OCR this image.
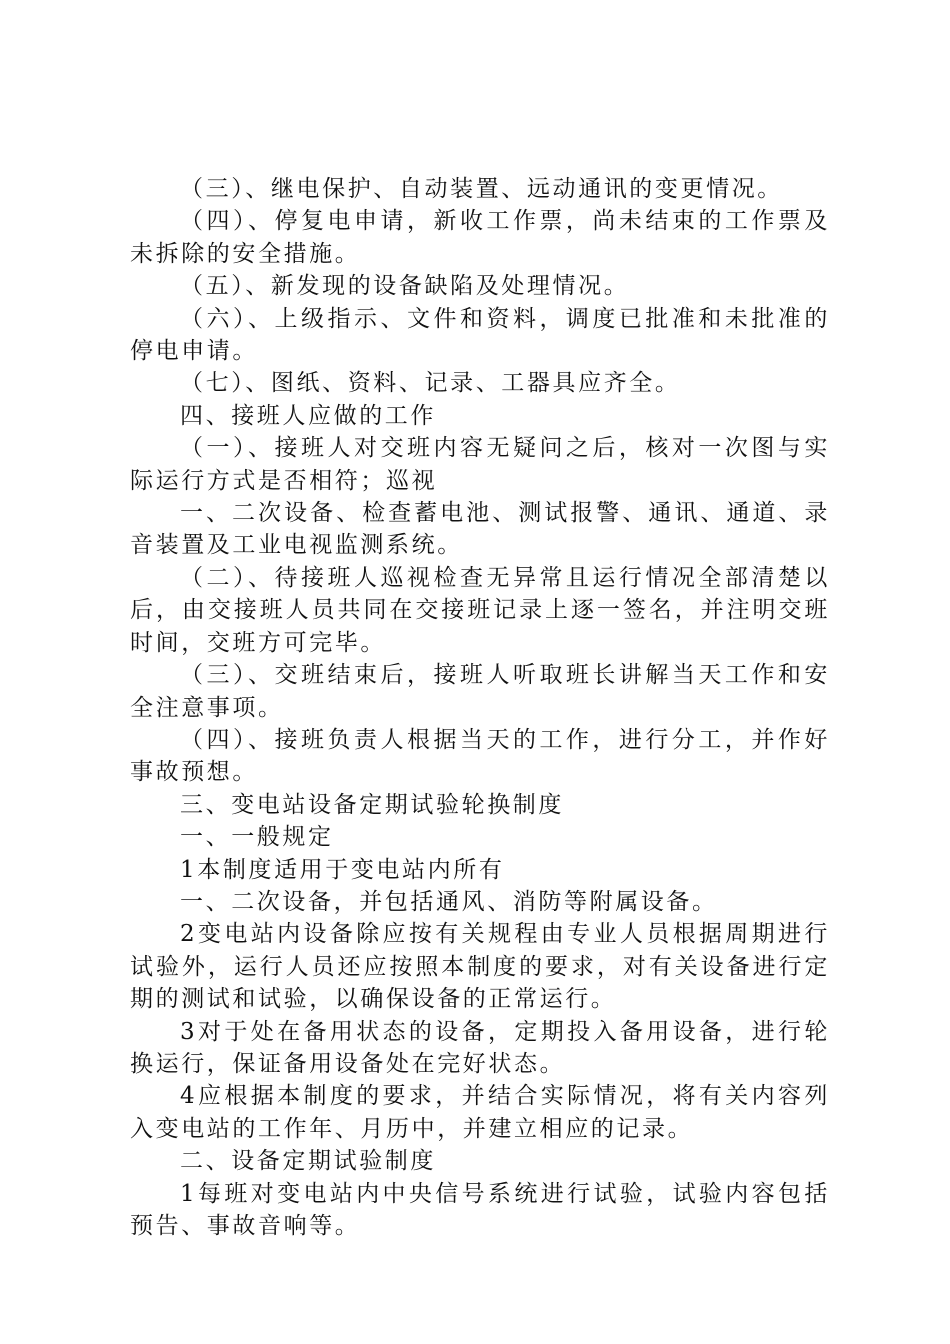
（三）、继电保护、自动装置、远动通讯的变更情况。

（四）、停复电申请，新收工作票，尚未结束的工作票及未拆除的安全措施。

（五）、新发现的设备缺陷及处理情况。

（六）、上级指示、文件和资料，调度已批准和未批准的停电申请。

（七）、图纸、资料、记录、工器具应齐全。

四、接班人应做的工作

（一）、接班人对交班内容无疑问之后，核对一次图与实际运行方式是否相符；巡视

一、二次设备、检查蓄电池、测试报警、通讯、通道、录音装置及工业电视监测系统。

（二）、待接班人巡视检查无异常且运行情况全部清楚以后，由交接班人员共同在交接班记录上逐一签名，并注明交班时间，交班方可完毕。

（三）、交班结束后，接班人听取班长讲解当天工作和安全注意事项。

（四）、接班负责人根据当天的工作，进行分工，并作好事故预想。

三、变电站设备定期试验轮换制度

一、一般规定

1本制度适用于变电站内所有

一、二次设备，并包括通风、消防等附属设备。

2变电站内设备除应按有关规程由专业人员根据周期进行试验外，运行人员还应按照本制度的要求，对有关设备进行定期的测试和试验，以确保设备的正常运行。

3对于处在备用状态的设备，定期投入备用设备，进行轮换运行，保证备用设备处在完好状态。

4应根据本制度的要求，并结合实际情况，将有关内容列入变电站的工作年、月历中，并建立相应的记录。

二、设备定期试验制度

1每班对变电站内中央信号系统进行试验，试验内容包括预告、事故音响等。
